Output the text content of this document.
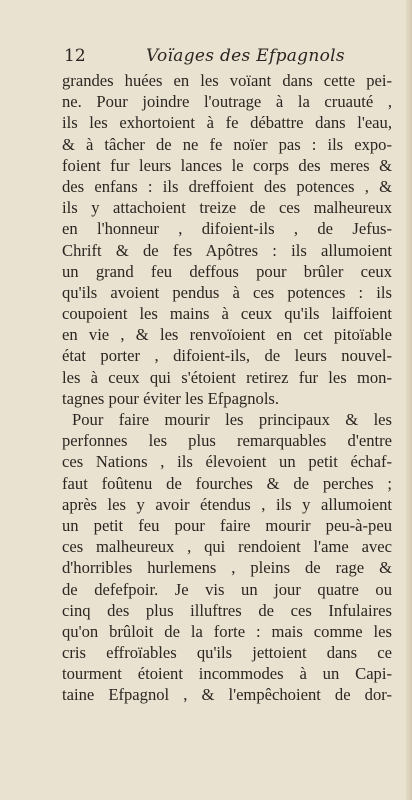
12	Voïages des Efpagnols
grandes huées en les voïant dans cette pei-
ne. Pour joindre l'outrage à la cruauté ,
ils les exhortoient à fe débattre dans l'eau,
& à tâcher de ne fe noïer pas : ils expo-
foient fur leurs lances le corps des meres &
des enfans : ils dreffoient des potences , &
ils y attachoient treize de ces malheureux
en l'honneur , difoient-ils , de Jefus-
Chrift & de fes Apôtres : ils allumoient
un grand feu deffous pour brûler ceux
qu'ils avoient pendus à ces potences : ils
coupoient les mains à ceux qu'ils laiffoient
en vie , & les renvoïoient en cet pitoïable
état porter , difoient-ils, de leurs nouvel-
les à ceux qui s'étoient retirez fur les mon-
tagnes pour éviter les Efpagnols.
Pour faire mourir les principaux & les
perfonnes les plus remarquables d'entre
ces Nations , ils élevoient un petit échaf-
faut foûtenu de fourches & de perches ;
après les y avoir étendus , ils y allumoient
un petit feu pour faire mourir peu-à-peu
ces malheureux , qui rendoient l'ame avec
d'horribles hurlemens , pleins de rage &
de defefpoir. Je vis un jour quatre ou
cinq des plus illuftres de ces Infulaires
qu'on brûloit de la forte : mais comme les
cris effroïables qu'ils jettoient dans ce
tourment étoient incommodes à un Capi-
taine Efpagnol , & l'empêchoient de dor-
